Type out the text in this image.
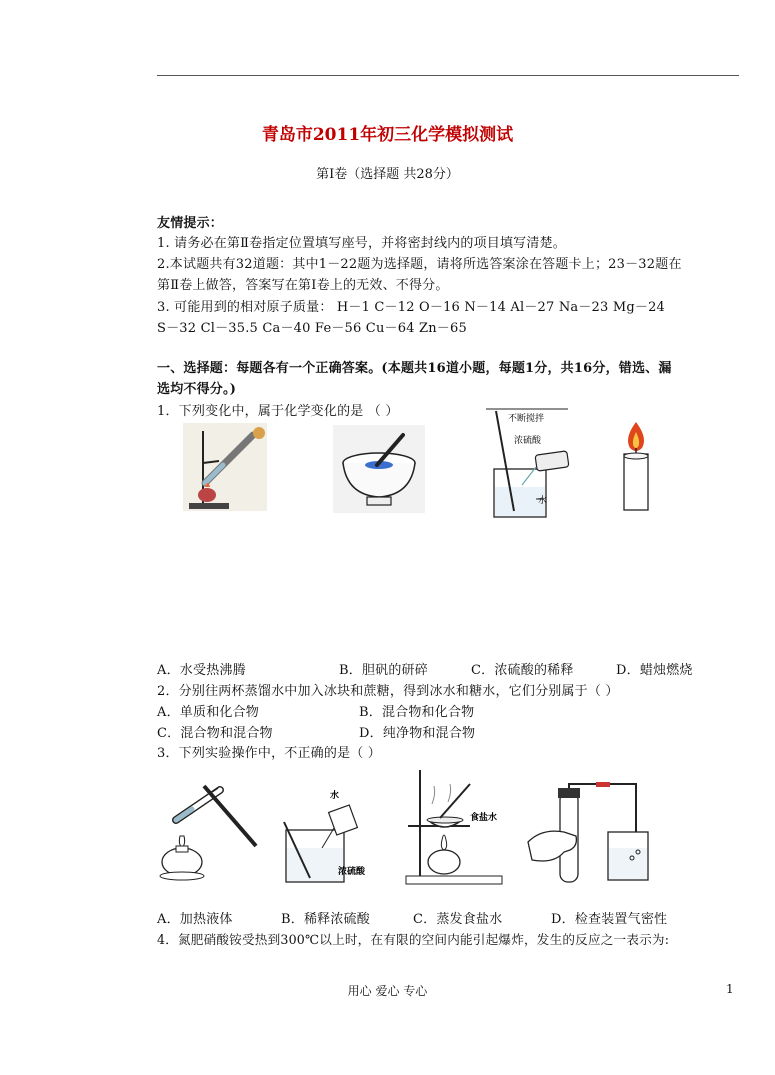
青岛市2011年初三化学模拟测试
第Ⅰ卷（选择题 共28分）
友情提示：
1. 请务必在第Ⅱ卷指定位置填写座号，并将密封线内的项目填写清楚。
2.本试题共有32道题：其中1－22题为选择题，请将所选答案涂在答题卡上；23－32题在
第Ⅱ卷上做答，答案写在第Ⅰ卷上的无效、不得分。
3. 可能用到的相对原子质量： H－1 C－12 O－16 N－14 Al－27 Na－23 Mg－24
S－32 Cl－35.5 Ca－40 Fe－56 Cu－64 Zn－65
一、选择题：每题各有一个正确答案。(本题共16道小题，每题1分，共16分，错选、漏
选均不得分。)
1．下列变化中，属于化学变化的是 （ ）	不断搅拌
浓硫酸
水
A．水受热沸腾	B．胆矾的研碎	C．浓硫酸的稀释	D．蜡烛燃烧
2．分别往两杯蒸馏水中加入冰块和蔗糖，得到冰水和糖水，它们分别属于（ ）
A．单质和化合物	B．混合物和化合物
C．混合物和混合物	D．纯净物和混合物
3．下列实验操作中，不正确的是（ ）
水
浓硫酸
食盐水
A．加热液体	B．稀释浓硫酸	C．蒸发食盐水	D．检查装置气密性
4．氮肥硝酸铵受热到300℃以上时，在有限的空间内能引起爆炸，发生的反应之一表示为:
用心 爱心 专心	1
